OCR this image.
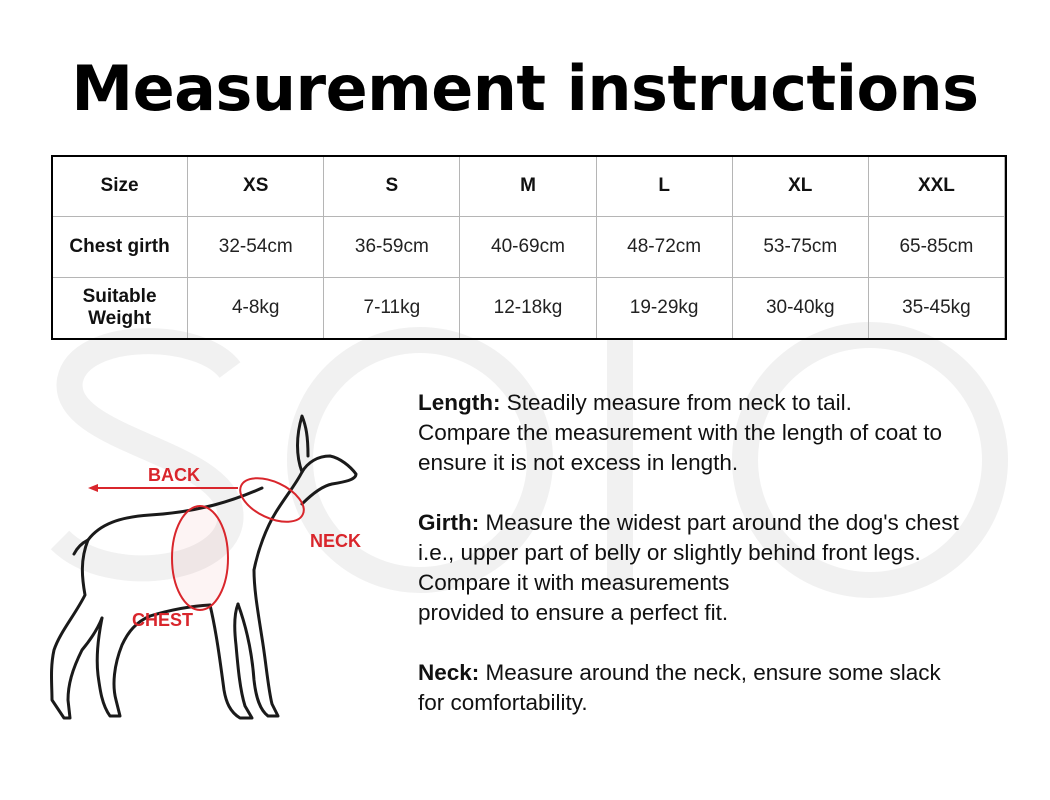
Measurement instructions
Size	XS	S	M	L	XL	XXL
Chest girth	32-54cm	36-59cm	40-69cm	48-72cm	53-75cm	65-85cm
Suitable
Weight	4-8kg	7-11kg	12-18kg	19-29kg	30-40kg	35-45kg
BACK
NECK
CHEST
Length: Steadily measure from neck to tail.
Compare the measurement with the length of coat to
ensure it is not excess in length.
Girth: Measure the widest part around the dog's chest
i.e., upper part of belly or slightly behind front legs.
Compare it with measurements
provided to ensure a perfect fit.
Neck: Measure around the neck, ensure some slack
for comfortability.
